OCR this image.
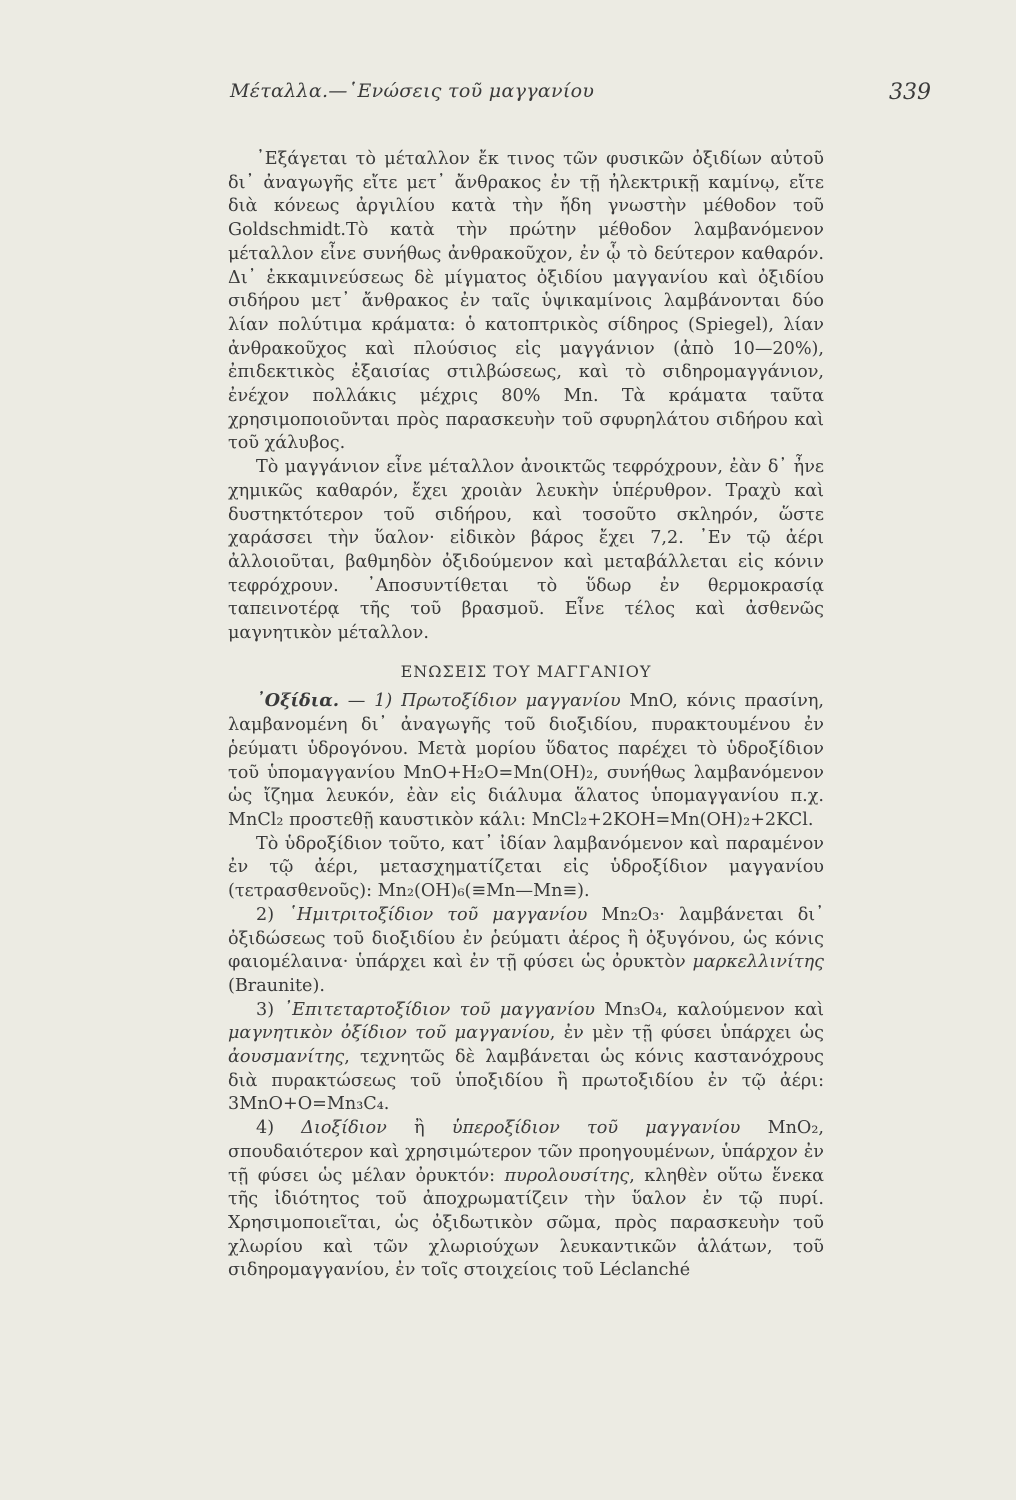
Μέταλλα.—῾Ενώσεις τοῦ μαγγανίου	339

᾿Εξάγεται τὸ μέταλλον ἔκ τινος τῶν φυσικῶν ὀξιδίων αὐτοῦ δι᾿ ἀναγωγῆς εἴτε μετ᾿ ἄνθρακος ἐν τῇ ἠλεκτρικῇ καμίνῳ, εἴτε διὰ κόνεως ἀργιλίου κατὰ τὴν ἤδη γνωστὴν μέθοδον τοῦ Goldschmidt.Τὸ κατὰ τὴν πρώτην μέθοδον λαμβανόμενον μέταλλον εἶνε συνήθως ἀνθρακοῦχον, ἐν ᾧ τὸ δεύτερον καθαρόν. Δι᾿ ἐκκαμινεύσεως δὲ μίγματος ὀξιδίου μαγγανίου καὶ ὀξιδίου σιδήρου μετ᾿ ἄνθρακος ἐν ταῖς ὑψικαμίνοις λαμβάνονται δύο λίαν πολύτιμα κράματα: ὁ κατοπτρικὸς σίδηρος (Spiegel), λίαν ἀνθρακοῦχος καὶ πλούσιος εἰς μαγγάνιον (ἀπὸ 10—20%), ἐπιδεκτικὸς ἐξαισίας στιλβώσεως, καὶ τὸ σιδηρομαγγάνιον, ἐνέχον πολλάκις μέχρις 80% Mn. Τὰ κράματα ταῦτα χρησιμοποιοῦνται πρὸς παρασκευὴν τοῦ σφυρηλάτου σιδήρου καὶ τοῦ χάλυβος.

Τὸ μαγγάνιον εἶνε μέταλλον ἀνοικτῶς τεφρόχρουν, ἐὰν δ᾿ ἦνε χημικῶς καθαρόν, ἔχει χροιὰν λευκὴν ὑπέρυθρον. Τραχὺ καὶ δυστηκτότερον τοῦ σιδήρου, καὶ τοσοῦτο σκληρόν, ὥστε χαράσσει τὴν ὕαλον· εἰδικὸν βάρος ἔχει 7,2. ᾿Εν τῷ ἀέρι ἀλλοιοῦται, βαθμηδὸν ὀξιδούμενον καὶ μεταβάλλεται εἰς κόνιν τεφρόχρουν. ᾿Αποσυντίθεται τὸ ὕδωρ ἐν θερμοκρασίᾳ ταπεινοτέρᾳ τῆς τοῦ βρασμοῦ. Εἶνε τέλος καὶ ἀσθενῶς μαγνητικὸν μέταλλον.

ΕΝΩΣΕΙΣ ΤΟΥ ΜΑΓΓΑΝΙΟΥ

᾿Οξίδια. — 1) Πρωτοξίδιον μαγγανίου MnO, κόνις πρασίνη, λαμβανομένη δι᾿ ἀναγωγῆς τοῦ διοξιδίου, πυρακτουμένου ἐν ῥεύματι ὑδρογόνου. Μετὰ μορίου ὕδατος παρέχει τὸ ὑδροξίδιον τοῦ ὑπομαγγανίου MnO+H₂O=Mn(OH)₂, συνήθως λαμβανόμενον ὡς ἴζημα λευκόν, ἐὰν εἰς διάλυμα ἅλατος ὑπομαγγανίου π.χ. MnCl₂ προστεθῇ καυστικὸν κάλι: MnCl₂+2KOH=Mn(OH)₂+2KCl.

Τὸ ὑδροξίδιον τοῦτο, κατ᾿ ἰδίαν λαμβανόμενον καὶ παραμένον ἐν τῷ ἀέρι, μετασχηματίζεται εἰς ὑδροξίδιον μαγγανίου (τετρασθενοῦς): Mn₂(OH)₆(≡Mn—Mn≡).

2) ῾Ημιτριτοξίδιον τοῦ μαγγανίου Mn₂O₃· λαμβάνεται δι᾿ ὀξιδώσεως τοῦ διοξιδίου ἐν ῥεύματι ἀέρος ἢ ὀξυγόνου, ὡς κόνις φαιομέλαινα· ὑπάρχει καὶ ἐν τῇ φύσει ὡς ὀρυκτὸν μαρκελλινίτης (Braunite).

3) ᾿Επιτεταρτοξίδιον τοῦ μαγγανίου Mn₃O₄, καλούμενον καὶ μαγνητικὸν ὀξίδιον τοῦ μαγγανίου, ἐν μὲν τῇ φύσει ὑπάρχει ὡς ἀουσμανίτης, τεχνητῶς δὲ λαμβάνεται ὡς κόνις καστανόχρους διὰ πυρακτώσεως τοῦ ὑποξιδίου ἢ πρωτοξιδίου ἐν τῷ ἀέρι: 3MnO+O=Mn₃C₄.

4) Διοξίδιον ἢ ὑπεροξίδιον τοῦ μαγγανίου MnO₂, σπουδαιότερον καὶ χρησιμώτερον τῶν προηγουμένων, ὑπάρχον ἐν τῇ φύσει ὡς μέλαν ὀρυκτόν: πυρολουσίτης, κληθὲν οὕτω ἕνεκα τῆς ἰδιότητος τοῦ ἀποχρωματίζειν τὴν ὕαλον ἐν τῷ πυρί. Χρησιμοποιεῖται, ὡς ὀξιδωτικὸν σῶμα, πρὸς παρασκευὴν τοῦ χλωρίου καὶ τῶν χλωριούχων λευκαντικῶν ἁλάτων, τοῦ σιδηρομαγγανίου, ἐν τοῖς στοιχείοις τοῦ Léclanché
